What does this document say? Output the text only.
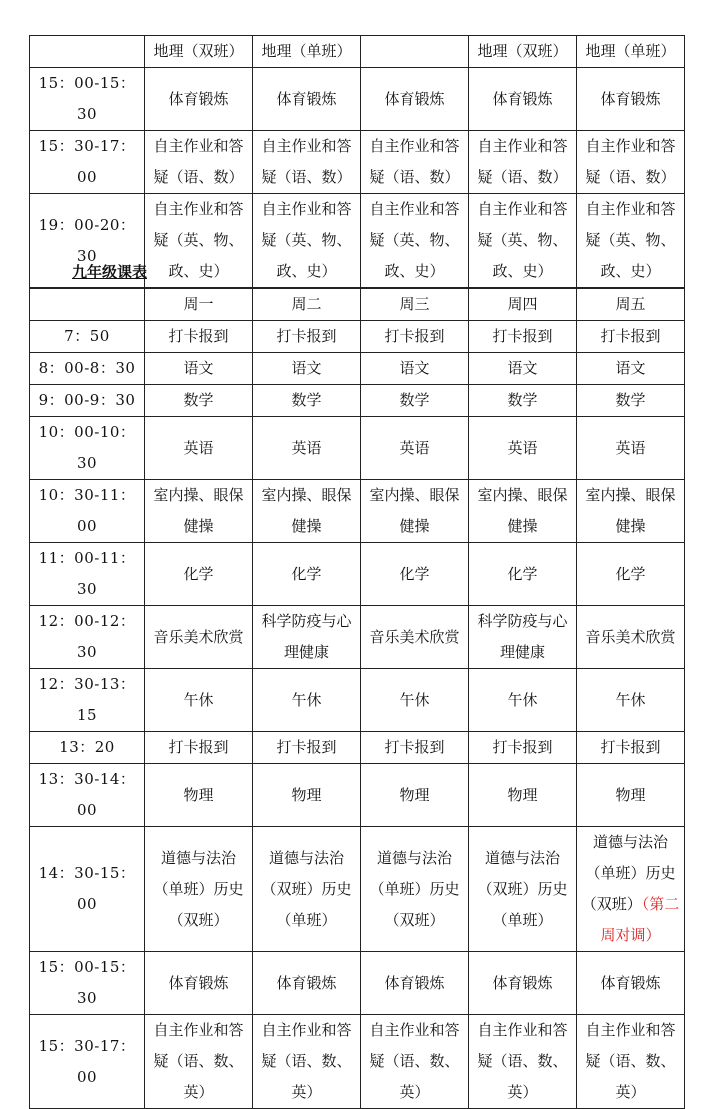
	地理（双班）	地理（单班）		地理（双班）	地理（单班）
15：00-15：30	体育锻炼	体育锻炼	体育锻炼	体育锻炼	体育锻炼
15：30-17：00	自主作业和答疑（语、数）	自主作业和答疑（语、数）	自主作业和答疑（语、数）	自主作业和答疑（语、数）	自主作业和答疑（语、数）
19：00-20：30	自主作业和答疑（英、物、政、史）	自主作业和答疑（英、物、政、史）	自主作业和答疑（英、物、政、史）	自主作业和答疑（英、物、政、史）	自主作业和答疑（英、物、政、史）
九年级课表
	周一	周二	周三	周四	周五
7：50	打卡报到	打卡报到	打卡报到	打卡报到	打卡报到
8：00-8：30	语文	语文	语文	语文	语文
9：00-9：30	数学	数学	数学	数学	数学
10：00-10：30	英语	英语	英语	英语	英语
10：30-11：00	室内操、眼保健操	室内操、眼保健操	室内操、眼保健操	室内操、眼保健操	室内操、眼保健操
11：00-11：30	化学	化学	化学	化学	化学
12：00-12：30	音乐美术欣赏	科学防疫与心理健康	音乐美术欣赏	科学防疫与心理健康	音乐美术欣赏
12：30-13：15	午休	午休	午休	午休	午休
13：20	打卡报到	打卡报到	打卡报到	打卡报到	打卡报到
13：30-14：00	物理	物理	物理	物理	物理
14：30-15：00	道德与法治（单班）历史（双班）	道德与法治（双班）历史（单班）	道德与法治（单班）历史（双班）	道德与法治（双班）历史（单班）	道德与法治（单班）历史（双班）（第二周对调）
15：00-15：30	体育锻炼	体育锻炼	体育锻炼	体育锻炼	体育锻炼
15：30-17：00	自主作业和答疑（语、数、英）	自主作业和答疑（语、数、英）	自主作业和答疑（语、数、英）	自主作业和答疑（语、数、英）	自主作业和答疑（语、数、英）
